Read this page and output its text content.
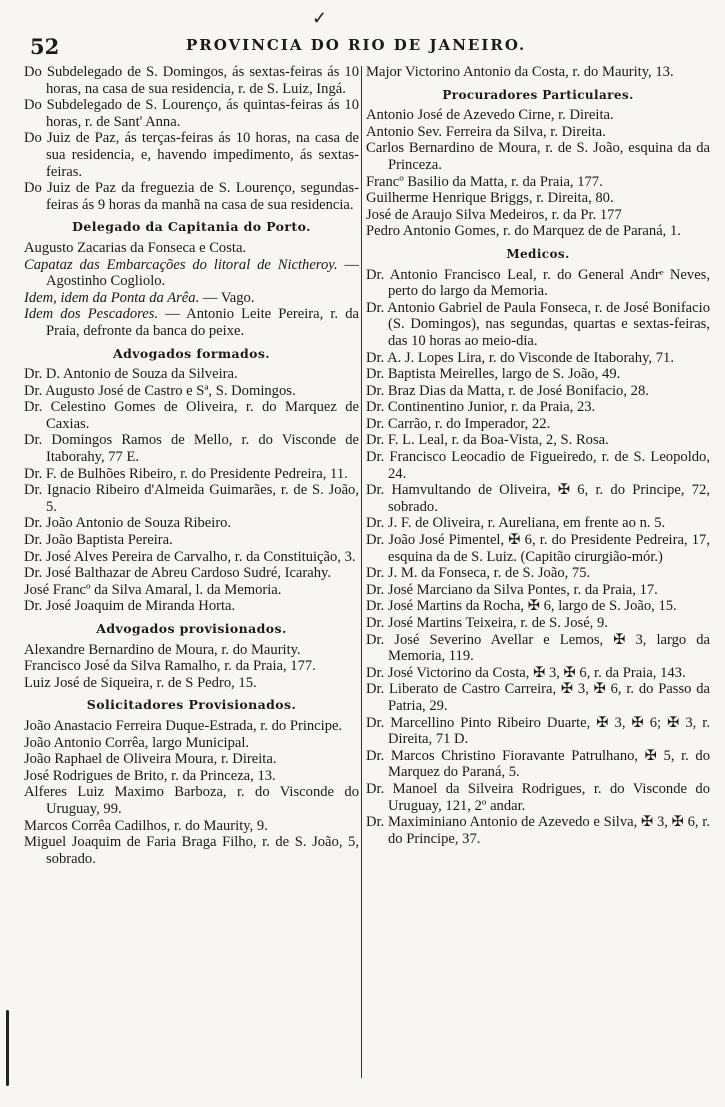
✓
52	PROVINCIA DO RIO DE JANEIRO.
Do Subdelegado de S. Domingos, ás sextas-feiras ás 10 horas, na casa de sua residencia, r. de S. Luiz, Ingá.
Do Subdelegado de S. Lourenço, ás quintas-feiras ás 10 horas, r. de Sant' Anna.
Do Juiz de Paz, ás terças-feiras ás 10 horas, na casa de sua residencia, e, havendo impedimento, ás sextas-feiras.
Do Juiz de Paz da freguezia de S. Lourenço, segundas-feiras ás 9 horas da manhã na casa de sua residencia.
Delegado da Capitania do Porto.
Augusto Zacarias da Fonseca e Costa.
Capataz das Embarcações do litoral de Nictheroy. — Agostinho Cogliolo.
Idem, idem da Ponta da Arêa. — Vago.
Idem dos Pescadores. — Antonio Leite Pereira, r. da Praia, defronte da banca do peixe.
Advogados formados.
Dr. D. Antonio de Souza da Silveira.
Dr. Augusto José de Castro e Sª, S. Domingos.
Dr. Celestino Gomes de Oliveira, r. do Marquez de Caxias.
Dr. Domingos Ramos de Mello, r. do Visconde de Itaborahy, 77 E.
Dr. F. de Bulhões Ribeiro, r. do Presidente Pedreira, 11.
Dr. Ignacio Ribeiro d'Almeida Guimarães, r. de S. João, 5.
Dr. João Antonio de Souza Ribeiro.
Dr. João Baptista Pereira.
Dr. José Alves Pereira de Carvalho, r. da Constituição, 3.
Dr. José Balthazar de Abreu Cardoso Sudré, Icarahy.
José Francº da Silva Amaral, l. da Memoria.
Dr. José Joaquim de Miranda Horta.
Advogados provisionados.
Alexandre Bernardino de Moura, r. do Maurity.
Francisco José da Silva Ramalho, r. da Praia, 177.
Luiz José de Siqueira, r. de S Pedro, 15.
Solicitadores Provisionados.
João Anastacio Ferreira Duque-Estrada, r. do Principe.
João Antonio Corrêa, largo Municipal.
João Raphael de Oliveira Moura, r. Direita.
José Rodrigues de Brito, r. da Princeza, 13.
Alferes Luiz Maximo Barboza, r. do Visconde do Uruguay, 99.
Marcos Corrêa Cadilhos, r. do Maurity, 9.
Miguel Joaquim de Faria Braga Filho, r. de S. João, 5, sobrado.
Major Victorino Antonio da Costa, r. do Maurity, 13.
Procuradores Particulares.
Antonio José de Azevedo Cirne, r. Direita.
Antonio Sev. Ferreira da Silva, r. Direita.
Carlos Bernardino de Moura, r. de S. João, esquina da da Princeza.
Francº Basilio da Matta, r. da Praia, 177.
Guilherme Henrique Briggs, r. Direita, 80.
José de Araujo Silva Medeiros, r. da Pr. 177
Pedro Antonio Gomes, r. do Marquez de de Paraná, 1.
Medicos.
Dr. Antonio Francisco Leal, r. do General Andrᵉ Neves, perto do largo da Memoria.
Dr. Antonio Gabriel de Paula Fonseca, r. de José Bonifacio (S. Domingos), nas segundas, quartas e sextas-feiras, das 10 horas ao meio-dia.
Dr. A. J. Lopes Lira, r. do Visconde de Itaborahy, 71.
Dr. Baptista Meirelles, largo de S. João, 49.
Dr. Braz Dias da Matta, r. de José Bonifacio, 28.
Dr. Continentino Junior, r. da Praia, 23.
Dr. Carrão, r. do Imperador, 22.
Dr. F. L. Leal, r. da Boa-Vista, 2, S. Rosa.
Dr. Francisco Leocadio de Figueiredo, r. de S. Leopoldo, 24.
Dr. Hamvultando de Oliveira, ✠ 6, r. do Principe, 72, sobrado.
Dr. J. F. de Oliveira, r. Aureliana, em frente ao n. 5.
Dr. João José Pimentel, ✠ 6, r. do Presidente Pedreira, 17, esquina da de S. Luiz. (Capitão cirurgião-mór.)
Dr. J. M. da Fonseca, r. de S. João, 75.
Dr. José Marciano da Silva Pontes, r. da Praia, 17.
Dr. José Martins da Rocha, ✠ 6, largo de S. João, 15.
Dr. José Martins Teixeira, r. de S. José, 9.
Dr. José Severino Avellar e Lemos, ✠ 3, largo da Memoria, 119.
Dr. José Victorino da Costa, ✠ 3, ✠ 6, r. da Praia, 143.
Dr. Liberato de Castro Carreira, ✠ 3, ✠ 6, r. do Passo da Patria, 29.
Dr. Marcellino Pinto Ribeiro Duarte, ✠ 3, ✠ 6; ✠ 3, r. Direita, 71 D.
Dr. Marcos Christino Fioravante Patrulhano, ✠ 5, r. do Marquez do Paraná, 5.
Dr. Manoel da Silveira Rodrigues, r. do Visconde do Uruguay, 121, 2º andar.
Dr. Maximiniano Antonio de Azevedo e Silva, ✠ 3, ✠ 6, r. do Principe, 37.
